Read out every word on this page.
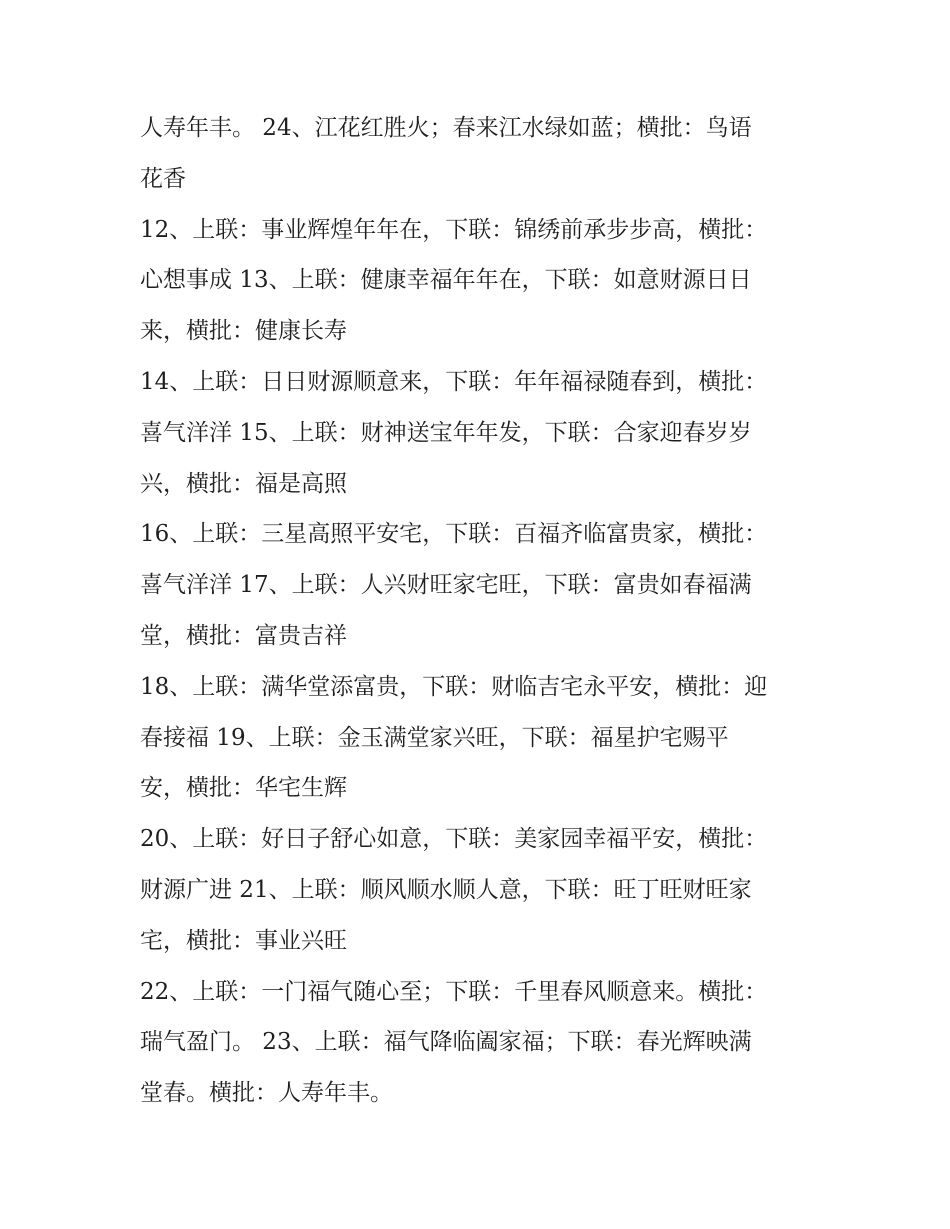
人寿年丰。 24、江花红胜火；春来江水绿如蓝；横批：鸟语
花香
12、上联：事业辉煌年年在，下联：锦绣前承步步高，横批：
心想事成 13、上联：健康幸福年年在，下联：如意财源日日
来，横批：健康长寿
14、上联：日日财源顺意来，下联：年年福禄随春到，横批：
喜气洋洋 15、上联：财神送宝年年发，下联：合家迎春岁岁
兴，横批：福是高照
16、上联：三星高照平安宅，下联：百福齐临富贵家，横批：
喜气洋洋 17、上联：人兴财旺家宅旺，下联：富贵如春福满
堂，横批：富贵吉祥
18、上联：满华堂添富贵，下联：财临吉宅永平安，横批：迎
春接福 19、上联：金玉满堂家兴旺，下联：福星护宅赐平
安，横批：华宅生辉
20、上联：好日子舒心如意，下联：美家园幸福平安，横批：
财源广进 21、上联：顺风顺水顺人意，下联：旺丁旺财旺家
宅，横批：事业兴旺
22、上联：一门福气随心至；下联：千里春风顺意来。横批：
瑞气盈门。 23、上联：福气降临阖家福；下联：春光辉映满
堂春。横批：人寿年丰。
